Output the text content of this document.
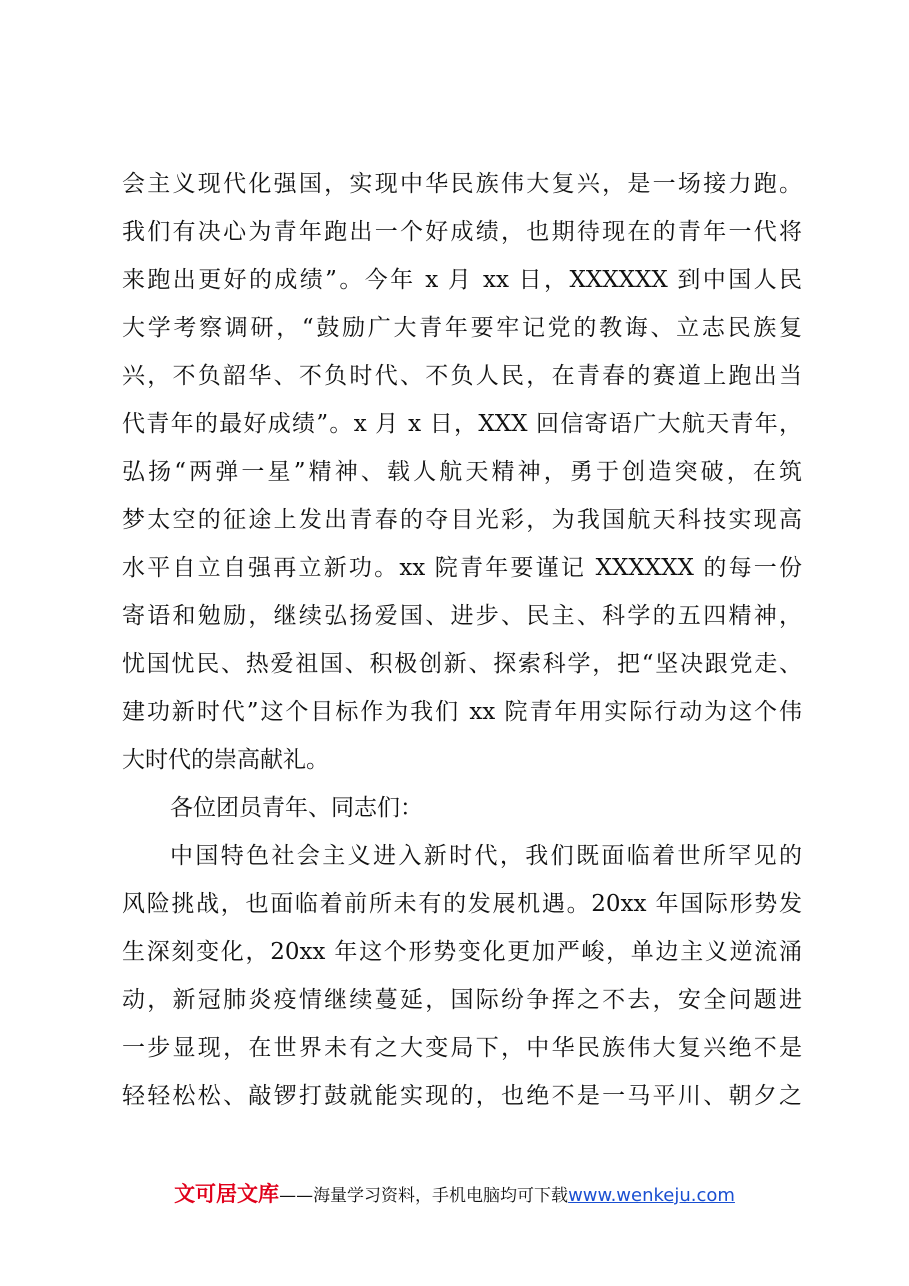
会主义现代化强国，实现中华民族伟大复兴，是一场接力跑。
我们有决心为青年跑出一个好成绩，也期待现在的青年一代将
来跑出更好的成绩”。今年 x 月 xx 日，XXXXXX 到中国人民
大学考察调研，“鼓励广大青年要牢记党的教诲、立志民族复
兴，不负韶华、不负时代、不负人民，在青春的赛道上跑出当
代青年的最好成绩”。x 月 x 日，XXX 回信寄语广大航天青年，
弘扬“两弹一星”精神、载人航天精神，勇于创造突破，在筑
梦太空的征途上发出青春的夺目光彩，为我国航天科技实现高
水平自立自强再立新功。xx 院青年要谨记 XXXXXX 的每一份
寄语和勉励，继续弘扬爱国、进步、民主、科学的五四精神，
忧国忧民、热爱祖国、积极创新、探索科学，把“坚决跟党走、
建功新时代”这个目标作为我们 xx 院青年用实际行动为这个伟
大时代的崇高献礼。
各位团员青年、同志们：
中国特色社会主义进入新时代，我们既面临着世所罕见的
风险挑战，也面临着前所未有的发展机遇。20xx 年国际形势发
生深刻变化，20xx 年这个形势变化更加严峻，单边主义逆流涌
动，新冠肺炎疫情继续蔓延，国际纷争挥之不去，安全问题进
一步显现，在世界未有之大变局下，中华民族伟大复兴绝不是
轻轻松松、敲锣打鼓就能实现的，也绝不是一马平川、朝夕之
文可居文库——海量学习资料，手机电脑均可下载www.wenkeju.com
